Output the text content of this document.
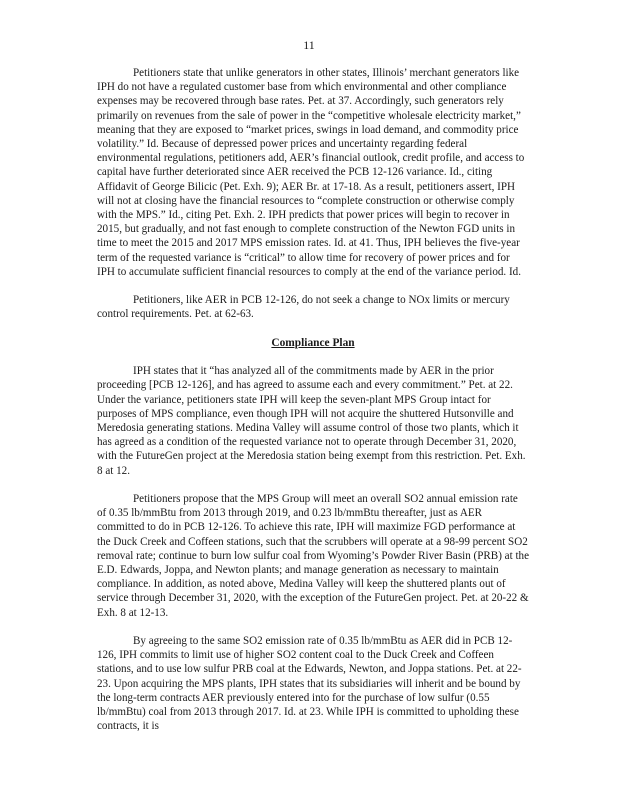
11

Petitioners state that unlike generators in other states, Illinois’ merchant generators like IPH do not have a regulated customer base from which environmental and other compliance expenses may be recovered through base rates. Pet. at 37. Accordingly, such generators rely primarily on revenues from the sale of power in the “competitive wholesale electricity market,” meaning that they are exposed to “market prices, swings in load demand, and commodity price volatility.” Id. Because of depressed power prices and uncertainty regarding federal environmental regulations, petitioners add, AER’s financial outlook, credit profile, and access to capital have further deteriorated since AER received the PCB 12-126 variance. Id., citing Affidavit of George Bilicic (Pet. Exh. 9); AER Br. at 17-18. As a result, petitioners assert, IPH will not at closing have the financial resources to “complete construction or otherwise comply with the MPS.” Id., citing Pet. Exh. 2. IPH predicts that power prices will begin to recover in 2015, but gradually, and not fast enough to complete construction of the Newton FGD units in time to meet the 2015 and 2017 MPS emission rates. Id. at 41. Thus, IPH believes the five-year term of the requested variance is “critical” to allow time for recovery of power prices and for IPH to accumulate sufficient financial resources to comply at the end of the variance period. Id.

Petitioners, like AER in PCB 12-126, do not seek a change to NOx limits or mercury control requirements. Pet. at 62-63.

Compliance Plan

IPH states that it “has analyzed all of the commitments made by AER in the prior proceeding [PCB 12-126], and has agreed to assume each and every commitment.” Pet. at 22. Under the variance, petitioners state IPH will keep the seven-plant MPS Group intact for purposes of MPS compliance, even though IPH will not acquire the shuttered Hutsonville and Meredosia generating stations. Medina Valley will assume control of those two plants, which it has agreed as a condition of the requested variance not to operate through December 31, 2020, with the FutureGen project at the Meredosia station being exempt from this restriction. Pet. Exh. 8 at 12.

Petitioners propose that the MPS Group will meet an overall SO2 annual emission rate of 0.35 lb/mmBtu from 2013 through 2019, and 0.23 lb/mmBtu thereafter, just as AER committed to do in PCB 12-126. To achieve this rate, IPH will maximize FGD performance at the Duck Creek and Coffeen stations, such that the scrubbers will operate at a 98-99 percent SO2 removal rate; continue to burn low sulfur coal from Wyoming’s Powder River Basin (PRB) at the E.D. Edwards, Joppa, and Newton plants; and manage generation as necessary to maintain compliance. In addition, as noted above, Medina Valley will keep the shuttered plants out of service through December 31, 2020, with the exception of the FutureGen project. Pet. at 20-22 & Exh. 8 at 12-13.

By agreeing to the same SO2 emission rate of 0.35 lb/mmBtu as AER did in PCB 12-126, IPH commits to limit use of higher SO2 content coal to the Duck Creek and Coffeen stations, and to use low sulfur PRB coal at the Edwards, Newton, and Joppa stations. Pet. at 22-23. Upon acquiring the MPS plants, IPH states that its subsidiaries will inherit and be bound by the long-term contracts AER previously entered into for the purchase of low sulfur (0.55 lb/mmBtu) coal from 2013 through 2017. Id. at 23. While IPH is committed to upholding these contracts, it is
